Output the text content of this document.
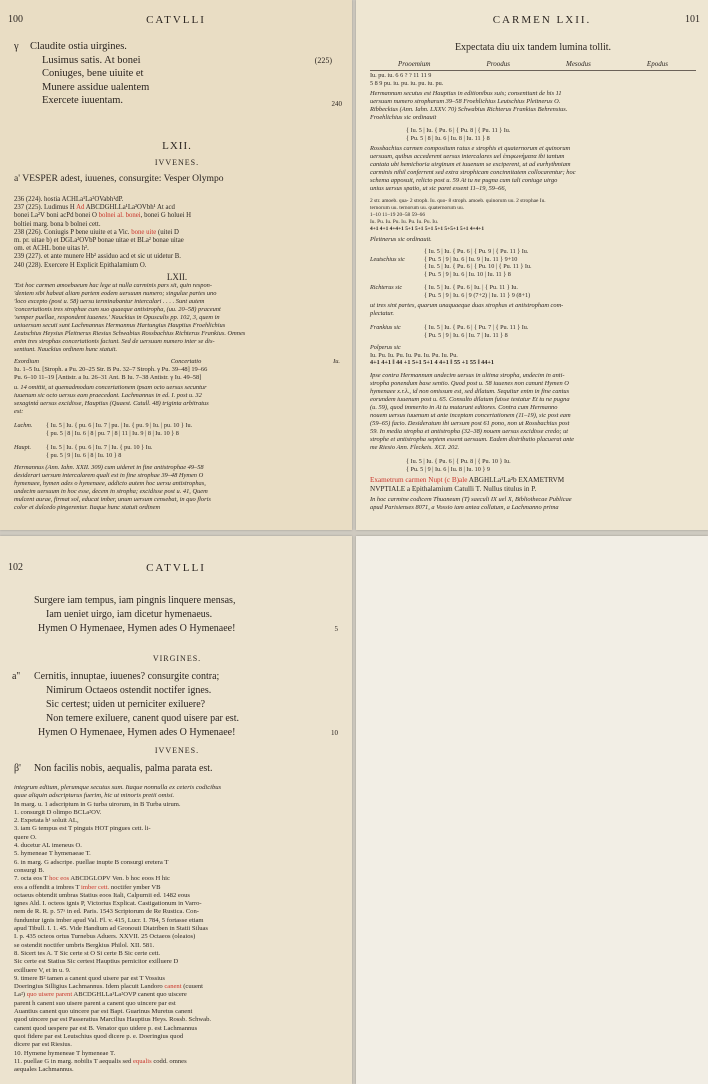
100	CATVLLI
γ Claudite ostia uirgines.
Lusimus satis. At bonei	(225)
Coniuges, bene uiuite et
Munere assidue ualentem
Exercete iuuentam.	240
LXII.
IVVENES.
a' VESPER adest, iuuenes, consurgite: Vesper Olympo

236 (224). hostia ACHLa¹La²OVabh¹dP.

237 (225). Ludimus H Ad ABCDGHLLa¹La²OVbh¹ At acd

bonei La²V boni acPd bonei O bolnei al. bonei, bonei G holuei H

boltiei marg. bona b bolnei cett.

238 (226). Coniugis P bene uiuite et a Vic. bone uite (uitei D

m. pr. uitae b) et DGLa²OVbP bonae uitae et BLa² bonae uitae

om. et ACHL bone uitas h².

239 (227). et ante munere Hb² assiduo acd et sic ut uidetur B.

240 (228). Exercere H Explicit Epithalamium O.

LXII.

'Est hoc carmen amoebaeum hac lege ut nulla carminis pars sit, quin respon-

'dentem sibi habeat aliam partem eodem uersuum numero; singulae partes uno

'loco excepto (post u. 58) uersu terminabantur intercalari . . . . Sunt autem

'concertationis tres strophae cum suo quaeque antistropha, (uu. 20–58) praceunt

'semper puellae, respondent iuuenes.' Nauckius in Opusculis pp. 102, 3, quem in

uniuersum secuti sunt Lachmannus Hermannus Hartungius Hauptius Froehlichius

Leutschius Heysius Pleitnerus Riesius Schwabius Rossbachius Richterus Frankius. Omnes

enim tres strophas concertationis faciunt. Sed de uersuum numero inter se dis-

sentiunt. Nauckius ordinem hunc statuit.

Exordium	Concertatio	Iu.

Iu. 1–5 Iu. [Stroph. a Pu. 20–25 Str. B Pu. 32–7 Stroph. γ Pu. 39–48] 19–66

Pu. 6–10 11–19 [Antistr. a Iu. 26–31 Ant. B Iu. 7–38 Antistr. γ Iu. 49–58]

u. 14 omittit, ut quemadmodum concertationem ipsam octo uersus secuntur

iuuenum sic octo uersus eam praecedant. Lachmannus in ed. I. post u. 32

sexagintá uersus excidisse, Hauptius (Quaest. Catull. 48) triginta arbitratus

est:

Lachm.	{ Iu. 5 | Iu. { pu. 6 | Iu. 7 | pu. | Iu. { pu. 9 | Iu. | pu. 10 } Iu.

{ pu. 5 | 8 | Iu. 6 | 8 | pu. 7 | 8 | 11 | Iu. 9 | 8 | Iu. 10 } 8

Haupt.	{ Iu. 5 | Iu. { pu. 6 | Iu. 7 | Iu. { pu. 10 } Iu.

{ pu. 5 | 9 | Iu. 6 | 8 | Iu. 10 } 8

Hermannus (Ann. Iahn. XXII. 309) cum uideret in fine antistrophae 49–58

desiderari uersum intercalarem quali est in fine strophae 39–48 Hymen O

hymenaee, hymen ades o hymenaee, addicto autem hoc uersu antistrophas,

undecim uersuum in hoc esse, decem in stropha; excidisse post u. 41, Quem

mulcent aurae, firmat sol, educat imber, unum uersum censebat, in quo floris

color et dulcedo pingerentur. Itaque hunc statuit ordinem

CARMEN LXII.	101
Expectata diu uix tandem lumina tollit.
Prooemium	Proodus	Mesodus	Epodus

Iu. pu. iu. 6 6 ? ? 11 11 9

5 8 9 pu. iu. pu. iu. pu. iu. pu.

Hermannum secutus est Hauptius in editionibus suis; consentiunt de his 11

uersuum numero stropharum 39–58 Froehlichius Leutschius Pleitnerus O.

Ribbeckius (Ann. Iahn. LXXV. 70) Schwabius Richterus Frankius Behrensius.

Froehlichius sic ordinauit

{ Iu. 5 | Iu. { Pu. 6 | { Pu. 8 | { Pu. 11 } Iu.

{ Pu. 5 | 8 | Iu. 6 | Iu. 8 | Iu. 11 } 8

Rossbachius carmen compositum ratus e strophis et quaternorum et quinorum

uersuum, quibus accederent uersus intercalares uel ἐπιφωνήματα ibi tantum

cantata ubi hemichoria uirginum et iuuenum se exciperent, ut ad eurhythmiam

carminis nihil conferrent sed extra strophicam concinnitatem collocarentur; hoc

schema apposuit, relicto post u. 59 At tu ne pugna cum tali coniuge uirgo

unius uersus spatio, ut sic paret essent 11–19, 59–66,

2 str. amoeb. qua- 2 stroph. Iu. quo- 8 stroph. amoeb. quinorum uu. 2 strophae Iu.

ternorum uu. ternorum uu. quaternorum uu.

1–10 11–19 20–58 59–66

Iu. Pu. Iu. Pu. Iu. Pu. Iu. Pu. Iu.

4+1 4+1 4+4+1 5+1 5+1 5+1 5+1 5+5+1 5+1 4+4+1

Pleitnerus sic ordinauit.
Leutschius sic

{ Iu. 5 | Iu. { Pu. 6 | { Pu. 9 | { Pu. 11 } Iu.

{ Pu. 5 | 9 | Iu. 6 | Iu. 9 | Iu. 11 } 9+10

{ Iu. 5 | Iu. { Pu. 6 | { Pu. 10 | { Pu. 11 } Iu.

{ Pu. 5 | 9 | Iu. 6 | Iu. 10 | Iu. 11 } 8

Richterus sic	{ Iu. 5 | Iu. { Pu. 6 | Iu. | { Pu. 11 } Iu.

{ Pu. 5 | 9 | Iu. 6 | 9 (7+2) | Iu. 11 } 9 (8+1)

ut tres sint partes, quarum unaquaeque duas strophas et antistropham com-

plectatur.

Frankius sic	{ Iu. 5 | Iu. { Pu. 6 | { Pu. 7 | { Pu. 11 } Iu.

{ Pu. 5 | 9 | Iu. 6 | Iu. 7 | Iu. 11 } 8

Polperus sic

Iu. Pu. Iu. Pu. Iu. Pu. Iu. Pu. Iu. Pu.

4+1 4+1 ‖ 44 +1 5+1 5+1 4 4+1 ‖ 55 +1 55 ‖ 44+1

Ipse contra Hermannum undecim uersus in ultima stropha, undecim in anti-

stropha ponendum base sentio. Quod post u. 58 iuuenes non canunt Hymen O

hymenaee x.r.λ., id non omissum est, sed dilatum. Sequitur enim in fine cantus

eorundem iuuenum post u. 65. Consulto dilatum fuisse testatur Et tu ne pugna

(u. 59), quod immerito in At tu mutarunt editores. Contra cum Hermanno

nouem uersus iuuenum ut ante inceptam concertationem (11–19), sic post eam

(59–65) facio. Desideratum ibi uersum post 61 pono, non ut Rossbachius post

59. In media stropha et antistropha (32–38) nouem uersus excidisse credo; ut

strophe et antistropha septem essent uersuum. Eadem distributio placuerat ante

me Riesio Ann. Fleckeis. XCI. 202.

{ Iu. 5 | Iu. { Pu. 6 | { Pu. 8 | { Pu. 10 } Iu.

{ Pu. 5 | 9 | Iu. 6 | Iu. 8 | Iu. 10 } 9

Exametrum carmen Nupt (c B)ale ABGHLLa¹La²b EXAMETRVM

NVPTIALE a Epithalamium Catulli T. Nullus titulus in P.

In hoc carmine codicem Thuaneum (T) saeculi IX uel X, Bibliothecae Publicae

apud Parisienses 8071, a Vossio iam antea collatum, a Lachmanno prima

102	CATVLLI
Surgere iam tempus, iam pingnis linquere mensas,
Iam ueniet uirgo, iam dicetur hymenaeus.
Hymen O Hymenaee, Hymen ades O Hymenaee!	5
VIRGINES.
a'' Cernitis, innuptae, iuuenes? consurgite contra;
Nimirum Octaeos ostendit noctifer ignes.
Sic certest; uiden ut perniciter exiluere?
Non temere exiluere, canent quod uisere par est.
Hymen O Hymenaee, Hymen ades O Hymenaee!	10
IVVENES.
β' Non facilis nobis, aequalis, palma parata est.

integrum editum, plerumque secutus sum. Itaque nonnulla ex ceteris codicibus

quae aliquin adscripturus fuerim, hic ut minoris pretii omisi.

In marg. u. 1 adscriptum in G turba uirorum, in B Turba uirum.

1. consurgit D olimpo BCLa²OV.

2. Expetata h¹ soluit AL,

3. iam G tempus est T pinguis HOT pingues cett. li-

quere O.

4. ducetur AL imeneus O.

5. hymeneae T hymenaeae T.

6. in marg. G adscripe. puellae inupte B consurgi eretera T

consurgi B.

7. octa eos T hoc eos ABCDGLOPV Ven. b hoc eoos H hic

eos a offendit a imbres T imber cett. noctifer ymber VB

octaeus obtendit umbras Statius eoos Itali, Calpurnii ed. 1482 eous

ignes Ald. I. octeos ignis P, Victorius Explicat. Castigationum in Varro-

nem de R. R. p. 57ᵃ in ed. Paris. 1543 Scriptorum de Re Rustica. Con-

funduntur ignis imber apud Val. Fl. v. 415, Lucr. I. 784, 5 fortasse etiam

apud Tibull. I. 1. 45. Vide Handium ad Gronouii Diatriben in Statii Siluas

I. p. 435 octeos ortus Turnebus Aduers. XXVII. 25 Octaeos (oleaios)

se ostendit noctifer umbris Bergkius Philol. XII. 581.

8. Sicert tes A. T Sic certe st O Si certe B Sic certe cett.

Sic certe est Statius Sic certest Hauptius pernicitor exilluere D

exilluere V, et in u. 9.

9. timere B² tamen a canent quod uisere par est T Vossius

Doeringius Silligius Lachmannus. Idem placuit Landoro canent (cuuent

La²) quo uisere parent ABCDGHLLa¹La²OVP canent quo uiscere

parent h canent suo uisere parent a canent quo uincere par est

Auantius canent quo uincere par est Bapt. Guarinus Muretus canent

quod uincere par est Passeratius Marcilius Hauptius Heys. Rossb. Schwab.

canent quod uespere par est B. Venator quo uidere p. est Lachmannus

quoi fidere par est Leutschius quod dicere p. e. Doeringius quod

dicere par est Riesius.

10. Hymene hymeneae T hymeneae T.

11. puellae G in marg. nobilis T aequalis sed equalis codd. omnes

aequales Lachmannus.
